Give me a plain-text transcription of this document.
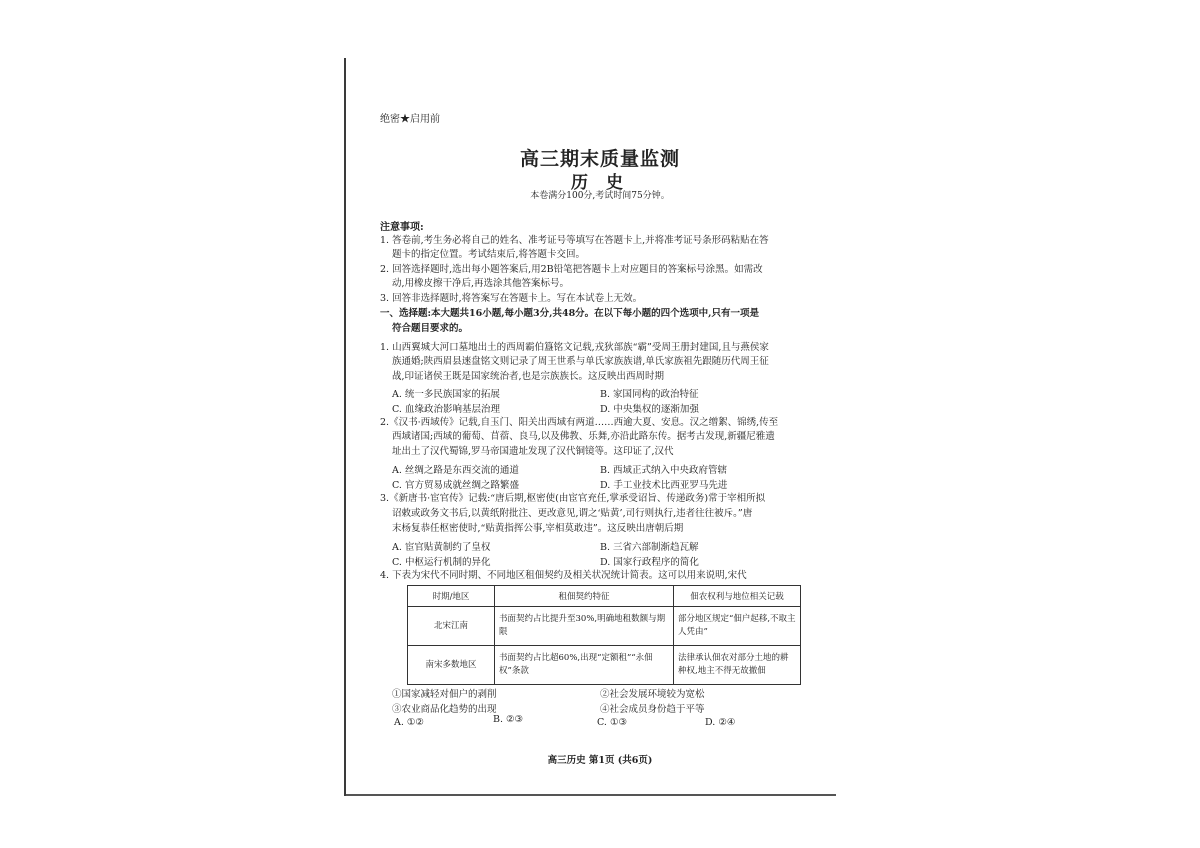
绝密★启用前
高三期末质量监测
历 史
本卷满分100分,考试时间75分钟。
注意事项:
1. 答卷前,考生务必将自己的姓名、准考证号等填写在答题卡上,并将准考证号条形码粘贴在答
题卡的指定位置。考试结束后,将答题卡交回。
2. 回答选择题时,选出每小题答案后,用2B铅笔把答题卡上对应题目的答案标号涂黑。如需改
动,用橡皮擦干净后,再选涂其他答案标号。
3. 回答非选择题时,将答案写在答题卡上。写在本试卷上无效。
一、选择题:本大题共16小题,每小题3分,共48分。在以下每小题的四个选项中,只有一项是
符合题目要求的。
1. 山西翼城大河口墓地出土的西周霸伯簋铭文记载,戎狄部族“霸”受周王册封建国,且与燕侯家
族通婚;陕西眉县逨盘铭文则记录了周王世系与单氏家族族谱,单氏家族祖先跟随历代周王征
战,印证诸侯王既是国家统治者,也是宗族族长。这反映出西周时期
A. 统一多民族国家的拓展	B. 家国同构的政治特征
C. 血缘政治影响基层治理	D. 中央集权的逐渐加强
2.《汉书·西域传》记载,自玉门、阳关出西域有两道……西逾大夏、安息。汉之缯絮、锦绣,传至
西域诸国;西域的葡萄、苜蓿、良马,以及佛教、乐舞,亦沿此路东传。据考古发现,新疆尼雅遗
址出土了汉代蜀锦,罗马帝国遗址发现了汉代铜镜等。这印证了,汉代
A. 丝绸之路是东西交流的通道	B. 西域正式纳入中央政府管辖
C. 官方贸易成就丝绸之路繁盛	D. 手工业技术比西亚罗马先进
3.《新唐书·宦官传》记载:“唐后期,枢密使(由宦官充任,掌承受诏旨、传递政务)常于宰相所拟
诏敕或政务文书后,以黄纸附批注、更改意见,谓之‘贴黄’,司行则执行,违者往往被斥。”唐
末杨复恭任枢密使时,“贴黄指挥公事,宰相莫敢违”。这反映出唐朝后期
A. 宦官贴黄制约了皇权	B. 三省六部制渐趋瓦解
C. 中枢运行机制的异化	D. 国家行政程序的简化
4. 下表为宋代不同时期、不同地区租佃契约及相关状况统计简表。这可以用来说明,宋代
时期/地区	租佃契约特征	佃农权利与地位相关记载
北宋江南	书面契约占比提升至30%,明确地租数额与期限	部分地区规定“佃户起移,不取主人凭由”
南宋多数地区	书面契约占比超60%,出现“定额租”“永佃权”条款	法律承认佃农对部分土地的耕种权,地主不得无故撤佃
①国家减轻对佃户的剥削	②社会发展环境较为宽松
③农业商品化趋势的出现	④社会成员身份趋于平等
A. ①②	B. ②③	C. ①③	D. ②④
高三历史 第1页 (共6页)
